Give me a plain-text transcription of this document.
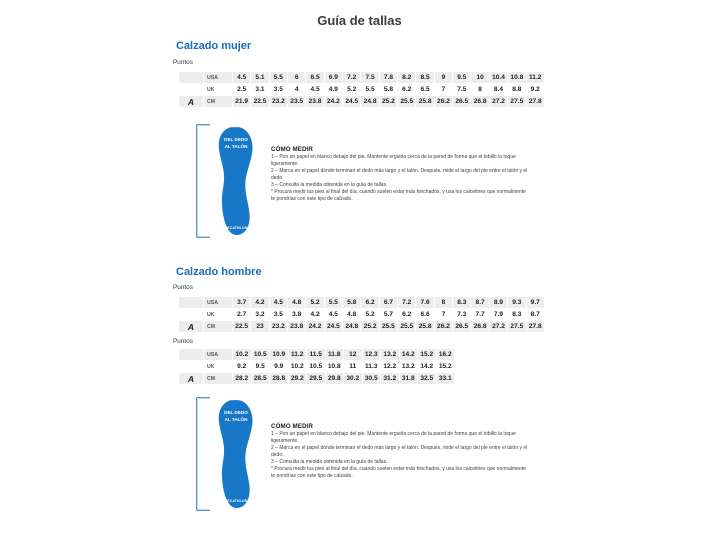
Guía de tallas
Calzado mujer
Puntos
	USA	4.5	5.1	5.5	6	6.5	6.9	7.2	7.5	7.8	8.2	8.5	9	9.5	10	10.4	10.8	11.2
	UK	2.5	3.1	3.5	4	4.5	4.9	5.2	5.5	5.8	6.2	6.5	7	7.5	8	8.4	8.8	9.2
A	CM	21.9	22.5	23.2	23.5	23.8	24.2	24.5	24.8	25.2	25.5	25.8	26.2	26.5	26.8	27.2	27.5	27.8
DEL DEDO
AL TALÓN
DECATHLON
CÓMO MEDIR

1 – Pon un papel en blanco debajo del pie. Mantente erguida cerca de la pared de forma que el tobillo la toque ligeramente.

2 – Marca en el papel dónde terminan el dedo más largo y el talón. Después, mide el largo del pie entre el talón y el dedo.

3 – Consulta la medida obtenida en la guía de tallas.

* Procura medir tus pies al final del día, cuando suelen estar más hinchados, y usa los calcetines que normalmente te pondrías con este tipo de calzado.

Calzado hombre
Puntos
	USA	3.7	4.2	4.5	4.8	5.2	5.5	5.8	6.2	6.7	7.2	7.6	8	8.3	8.7	8.9	9.3	9.7
	UK	2.7	3.2	3.5	3.8	4.2	4.5	4.8	5.2	5.7	6.2	6.6	7	7.3	7.7	7.9	8.3	8.7
A	CM	22.5	23	23.2	23.8	24.2	24.5	24.8	25.2	25.5	25.5	25.8	26.2	26.5	26.8	27.2	27.5	27.8
Puntos
	USA	10.2	10.5	10.9	11.2	11.5	11.8	12	12.3	13.2	14.2	15.2	16.2
	UK	9.2	9.5	9.9	10.2	10.5	10.8	11	11.3	12.2	13.2	14.2	15.2
A	CM	28.2	28.5	28.8	29.2	29.5	29.8	30.2	30.5	31.2	31.8	32.5	33.1
DEL DEDO
AL TALÓN
DECATHLON
CÓMO MEDIR

1 – Pon un papel en blanco debajo del pie. Mantente erguida cerca de la pared de forma que el tobillo la toque ligeramente.

2 – Marca en el papel dónde terminan el dedo más largo y el talón. Después, mide el largo del pie entre el talón y el dedo.

3 – Consulta la medida obtenida en la guía de tallas.

* Procura medir tus pies al final del día, cuando suelen estar más hinchados, y usa los calcetines que normalmente te pondrías con este tipo de calzado.
